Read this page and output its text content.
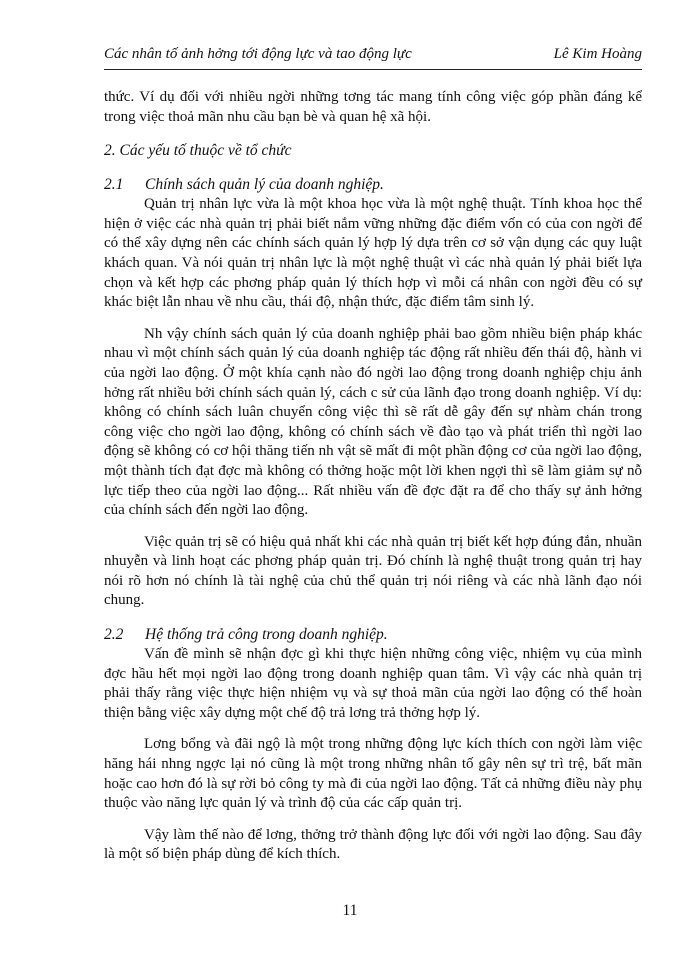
Các nhân tố ảnh hởng tới động lực và tao động lực	Lê Kim Hoàng

thức. Ví dụ đối với nhiều ngời những tơng tác mang tính công việc góp phần đáng kể trong việc thoả mãn nhu cầu bạn bè và quan hệ xã hội.

2. Các yếu tố thuộc về tổ chức
2.1 Chính sách quản lý của doanh nghiệp.

Quản trị nhân lực vừa là một khoa học vừa là một nghệ thuật. Tính khoa học thể hiện ở việc các nhà quản trị phải biết nắm vững những đặc điểm vốn có của con ngời để có thể xây dựng nên các chính sách quản lý hợp lý dựa trên cơ sở vận dụng các quy luật khách quan. Và nói quản trị nhân lực là một nghệ thuật vì các nhà quản lý phải biết lựa chọn và kết hợp các phơng pháp quản lý thích hợp vì mỗi cá nhân con ngời đều có sự khác biệt lẫn nhau về nhu cầu, thái độ, nhận thức, đặc điểm tâm sinh lý.

Nh vậy chính sách quản lý của doanh nghiệp phải bao gồm nhiều biện pháp khác nhau vì một chính sách quản lý của doanh nghiệp tác động rất nhiều đến thái độ, hành vi của ngời lao động. Ở một khía cạnh nào đó ngời lao động trong doanh nghiệp chịu ảnh hởng rất nhiều bởi chính sách quản lý, cách c sử của lãnh đạo trong doanh nghiệp. Ví dụ: không có chính sách luân chuyển công việc thì sẽ rất dễ gây đến sự nhàm chán trong công việc cho ngời lao động, không có chính sách về đào tạo và phát triển thì ngời lao động sẽ không có cơ hội thăng tiến nh vật sẽ mất đi một phần động cơ của ngời lao động, một thành tích đạt đợc mà không có thởng hoặc một lời khen ngợi thì sẽ làm giảm sự nỗ lực tiếp theo của ngời lao động... Rất nhiều vấn đề đợc đặt ra để cho thấy sự ảnh hởng của chính sách đến ngời lao động.

Việc quản trị sẽ có hiệu quả nhất khi các nhà quản trị biết kết hợp đúng đắn, nhuần nhuyễn và linh hoạt các phơng pháp quản trị. Đó chính là nghệ thuật trong quản trị hay nói rõ hơn nó chính là tài nghệ của chủ thể quản trị nói riêng và các nhà lãnh đạo nói chung.

2.2 Hệ thống trả công trong doanh nghiệp.

Vấn đề mình sẽ nhận đợc gì khi thực hiện những công việc, nhiệm vụ của mình đợc hầu hết mọi ngời lao động trong doanh nghiệp quan tâm. Vì vậy các nhà quản trị phải thấy rằng việc thực hiện nhiệm vụ và sự thoả mãn của ngời lao động có thể hoàn thiện bằng việc xây dựng một chế độ trả lơng trả thởng hợp lý.

Lơng bổng và đãi ngộ là một trong những động lực kích thích con ngời làm việc hăng hái nhng ngợc lại nó cũng là một trong những nhân tố gây nên sự trì trệ, bất mãn hoặc cao hơn đó là sự rời bỏ công ty mà đi của ngời lao động. Tất cả những điều này phụ thuộc vào năng lực quản lý và trình độ của các cấp quản trị.

Vậy làm thế nào để lơng, thởng trở thành động lực đối với ngời lao động. Sau đây là một số biện pháp dùng để kích thích.

11
